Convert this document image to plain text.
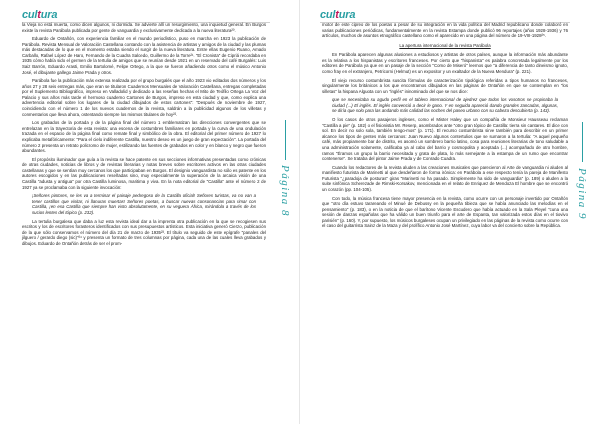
cultura

la Vieja no está muerta, como dicen algunos, ni dormida. Se advierte allí un resurgimiento, una inquietud general. En Burgos existe la revista Parábola publicada por gente de vanguardia y exclusivamente dedicada a la nueva literatura²⁰.

Eduardo de Ontañón, con experiencia familiar en el mundo periodístico, puso en marcha en 1923 la publicación de Parábola. Revista Mensual de Valoración Castellana contando con la asistencia de artistas y amigos de la ciudad y las plumas más destacadas de lo que en el momento estaba siendo el surgir de la nueva literatura. Entre ellas Eugenio Ruano, Amado Carballo, Rafael López de Haro, Fernando de la Cuadra Salcedo, Guillermo de la Torre²¹. "El Cronista" de Cipriá recordaba en 1935 cómo había sido el germen de la tertulia de amigos que se reunían desde 1921 en un reservado del café Burgalés: Luis Saiz Barrón, Eduardo Arasti, Emilio Bartolomé, Felipe Ortego, a la que se fueron añadiendo otros como el músico Antonio José, el dibujante gallego Jaime Prada y otros.

Parábola fue la publicación más extensa realizada por el grupo burgalés que el año 1923 vio editados dos números y los años 27 y 28 seis entregas más, que eran se titularon Cuadernos Mensuales de Valoración Castellana, entregas completadas por el Suplemento Bibliográfico, impreso en Valladolid y dedicado a las reseñas hechas el Mito de Teófilo Ortega La Voz del Palacio y sus años más tarde el hermoso cuaderno Cartones de Burgos, impreso en esta ciudad y que, como explica una advertencia editorial sobre los lugares de la ciudad dibujados de estos cartones": "Después de noviembre de 1927, coincidiendo con el número 1 de los nuevos cuadernos de la revista, saldrán a la publicidad algunos de los villetas y conmentarios que lleva ahora, ostentando siempre los mismos titulares de hoy²².

Los grabados de la portada y de la página final del número 1 emblematizan las direcciones convergentes que se entrelazan en la trayectoria de esta revista: una escena de costumbres familiares en portada y la curva de una ondulación trazada en el espacio de la página final como remate final y simbólico de la obra. El editorial del primer número de 1927 lo explicaba metafóricamente: "Para el cielo indiferente Castilla, nuestro deseo es un juego de gran expectación". La portada del número 2 presenta un retrato policromo de mujer, estilizando las fuentes de grabados en color y en blanco y negro que fueron abundantes.

El propósito iluminador que guía a la revista se hace patente en sus secciones informativas presentadas como crónicas de otras ciudades, noticias de libros y de revistas literarias y notas breves sobre escritores activos en las otras ciudades castellanas y que se sentían muy cercanos los que participaban en Burgos. El designio vanguardista no sólo es patente en los autores escogidos y en las publicaciones reseñadas sino, muy especialmente la superación de la arcaica visión de una Castilla "adusta y antigua" por otra Castilla luminosa, maritima y viva. En la nota editorial de "Castilla" ante el número 2 de 1927 ya se proclamaba con la siguiente invocación:

¡Señores pintores, se les va a terminar el paisaje pedregoso de la Castilla oficial! Señores turistas, va no van a tener castillos que visitar, ni llanuras muertas! Señores poetas, a buscar nuevas consonancias para rimar con Castilla, ¡en esa Castilla que siempre han visto absolutamente, en su veguera África, mirándola a través de los sucios lentes del tópico (p. 232).

La tertulia burgalesa que daba a luz esta revista ideal dar a la imprenta otra publicación en la que se recogiesen sus escritos y los de escritores forasteros identificados con sus presupuestos artísticos. Esta iniciativa generó Cierzo, publicación de la que sólo conservamos el número del día 21 de marzo de 1935²³. El título va seguido de este epígrafe "panales del jilguero / gerardo diego (sic)"²⁴ y presenta un formato de tres columnas por página, cada una de las cuales lleva grabados y dibujos. Eduardo de Ontañón detrás de ser el prom-

Página 8
cultura

motor de este cipreo de los poetas a pesar de su integración en la vida política del Madrid republicano donde colaboró en varias publicaciones periódicas, fundamentalmente en la revista Estampa donde publicó 96 reportajes (años 1928-1936) y 76 artículos, muchos de asuntos etnográfico castellano como el aparecido en una página del número de 19-VIII-1928²⁵.

La apertura internacional de la revista Parábola

En Parábola aparecen algunas alusiones a estudiosos y artistas de otros países, aunque la información más abundante es la relativa a los hispanistas y escritores franceses. Por cierto que "hispanista" es palabra concretada legalmente por los editores de Parábola ya que en un pasaje de la sección "Como de Miseró" leemos que "a diferencia de tanto dineismo ignoto, como fray en el extranjero, Petricorni (Helmut) es un expositor y un exaltador de la Nueva Mendura" (p. 221).

El viejo recurso costumbrista suscita fórmulas de caracterización tipológica referidas a tipos humanos no franceses, singularmente los británicos a los que encontramos dibujados en las páginas de Ontañón en que se contemplan en "los silletas" la hispana Alguota con un "inglés" ininominado del que se nos dice:

que se necesitaba su agudo perfil en el tablero internacional de ajedrez que todos los vosotros se propinaba la ciudad (...) El inglés. El inglés convenció a decir le gano. Y en seguida apareció dando grandes zancadas, algunas, se diría que solo para las andando más calidad las noches del paseo urbano con su cabeza descubierta (p. 143).

O los casos de otros pasajeros ingleses, como el Mister Haley que un compañía de Monsieur Hausseau reclaman "Castilla a pie" (p. 182) o el fisionistia Mr. Reserp, asombrados ante "otro gran tópico de Castilla: tierra sin cantares. El dice con sol. En decir no solo sola, también tengo-mos" (p. 171). El recurso costumbrista sirve también para describir en un primer alcance los tipos de gentes más cercanos: Juan Nuevo algunos contertulios que se sumaron a la tertulia: "A aquel pequeño café, más propiamente bar de distrito, es asomó un sombrero barrio latino, cosa para reuniones literarias de tono saludable a una administración solamente, calificaba ya al cabo del barrio y cosmopolita y aceptada (...) acompañado de otro hombre, ramos "Éramos un grupo la barrio necesitada y grata de plata, lo más semejante a la estampa de un rumo que encontrar contenerse". Se trataba del pintor Jaime Prada y de Conrado Cuadra.

Cuando los redactores de la revista aluden a las creaciones musicales que parecieron al Arte de vanguardia ni aluden al manifiesto futurista de Marinetti al que desdeñaron de forma irónica: en Parábola a ese respecto tenía la pareja de Manifesto Futurista "¿paradoja de posturas" giras "Marinetti no ha pasado. Simplemente ha sido de vanguardia" (p. 189) o aluden a la suite sinfónica Scherezade de Rimski-Korsakov, mencionada en el relato de Enriquez de Mendoza El hombre que se encontró un corazón (pp. 104-105).

Con todo, la música francesa tiene mayor presencia en la revista, como ocurre con un personaje invertido por Ontañón que "otro día estuvo tarareando el Minué de Debussy en la pequeña tibieza que se había anunciado las melodías en el pensamiento" (p. 183), o en la noticia de que el barítono Vicente Escudero que había actuado en la Sala Pleyel "cuna una sesión de danzas españolas que ha válido un buen triunfo para el arte de Espanta, tan valorizada estos días en el tiovivo parisién" (p. 160). Y, por supuesto, los músicos burgaleses ocupan un privilegiado en las páginas de la revista como ocurre con el caso del guitarrista Sainz de la Maza y del prolífico Antonio José Martínez, cuya labor va del concierto sobre la República.

Página 9
